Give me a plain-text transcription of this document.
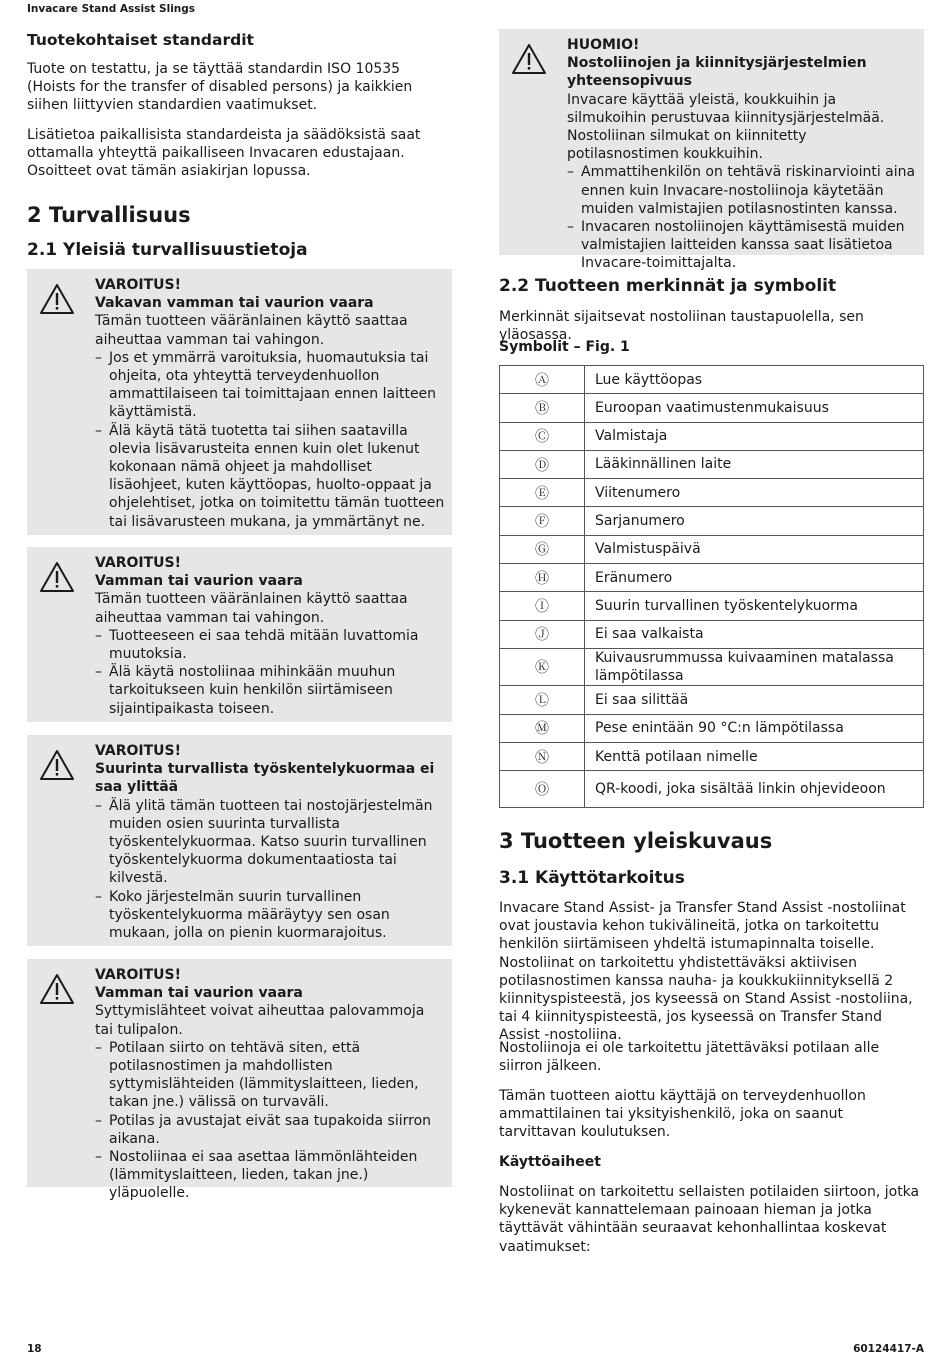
Invacare Stand Assist Slings
Tuotekohtaiset standardit

Tuote on testattu, ja se täyttää standardin ISO 10535 (Hoists for the transfer of disabled persons) ja kaikkien siihen liittyvien standardien vaatimukset.

Lisätietoa paikallisista standardeista ja säädöksistä saat ottamalla yhteyttä paikalliseen Invacaren edustajaan. Osoitteet ovat tämän asiakirjan lopussa.

2 Turvallisuus
2.1 Yleisiä turvallisuustietoja

VAROITUS!

Vakavan vamman tai vaurion vaara

Tämän tuotteen vääränlainen käyttö saattaa aiheuttaa vamman tai vahingon.

– Jos et ymmärrä varoituksia, huomautuksia tai ohjeita, ota yhteyttä terveydenhuollon ammattilaiseen tai toimittajaan ennen laitteen käyttämistä.
– Älä käytä tätä tuotetta tai siihen saatavilla olevia lisävarusteita ennen kuin olet lukenut kokonaan nämä ohjeet ja mahdolliset lisäohjeet, kuten käyttöopas, huolto-oppaat ja ohjelehtiset, jotka on toimitettu tämän tuotteen tai lisävarusteen mukana, ja ymmärtänyt ne.

VAROITUS!

Vamman tai vaurion vaara

Tämän tuotteen vääränlainen käyttö saattaa aiheuttaa vamman tai vahingon.

– Tuotteeseen ei saa tehdä mitään luvattomia muutoksia.
– Älä käytä nostoliinaa mihinkään muuhun tarkoitukseen kuin henkilön siirtämiseen sijaintipaikasta toiseen.

VAROITUS!

Suurinta turvallista työskentelykuormaa ei saa ylittää

– Älä ylitä tämän tuotteen tai nostojärjestelmän muiden osien suurinta turvallista työskentelykuormaa. Katso suurin turvallinen työskentelykuorma dokumentaatiosta tai kilvestä.
– Koko järjestelmän suurin turvallinen työskentelykuorma määräytyy sen osan mukaan, jolla on pienin kuormarajoitus.

VAROITUS!

Vamman tai vaurion vaara

Syttymislähteet voivat aiheuttaa palovammoja tai tulipalon.

– Potilaan siirto on tehtävä siten, että potilasnostimen ja mahdollisten syttymislähteiden (lämmityslaitteen, lieden, takan jne.) välissä on turvaväli.
– Potilas ja avustajat eivät saa tupakoida siirron aikana.
– Nostoliinaa ei saa asettaa lämmönlähteiden (lämmityslaitteen, lieden, takan jne.) yläpuolelle.

HUOMIO!

Nostoliinojen ja kiinnitysjärjestelmien yhteensopivuus

Invacare käyttää yleistä, koukkuihin ja silmukoihin perustuvaa kiinnitysjärjestelmää. Nostoliinan silmukat on kiinnitetty potilasnostimen koukkuihin.

– Ammattihenkilön on tehtävä riskinarviointi aina ennen kuin Invacare-nostoliinoja käytetään muiden valmistajien potilasnostinten kanssa.
– Invacaren nostoliinojen käyttämisestä muiden valmistajien laitteiden kanssa saat lisätietoa Invacare-toimittajalta.
2.2 Tuotteen merkinnät ja symbolit

Merkinnät sijaitsevat nostoliinan taustapuolella, sen yläosassa.

Symbolit – Fig. 1

Ⓐ	Lue käyttöopas
Ⓑ	Euroopan vaatimustenmukaisuus
Ⓒ	Valmistaja
Ⓓ	Lääkinnällinen laite
Ⓔ	Viitenumero
Ⓕ	Sarjanumero
Ⓖ	Valmistuspäivä
Ⓗ	Eränumero
Ⓘ	Suurin turvallinen työskentelykuorma
Ⓙ	Ei saa valkaista
Ⓚ	Kuivausrummussa kuivaaminen matalassa lämpötilassa
Ⓛ	Ei saa silittää
Ⓜ	Pese enintään 90 °C:n lämpötilassa
Ⓝ	Kenttä potilaan nimelle
Ⓞ	QR-koodi, joka sisältää linkin ohjevideoon
3 Tuotteen yleiskuvaus
3.1 Käyttötarkoitus

Invacare Stand Assist- ja Transfer Stand Assist -nostoliinat ovat joustavia kehon tukivälineitä, jotka on tarkoitettu henkilön siirtämiseen yhdeltä istumapinnalta toiselle. Nostoliinat on tarkoitettu yhdistettäväksi aktiivisen potilasnostimen kanssa nauha- ja koukkukiinnityksellä 2 kiinnityspisteestä, jos kyseessä on Stand Assist -nostoliina, tai 4 kiinnityspisteestä, jos kyseessä on Transfer Stand Assist -nostoliina.

Nostoliinoja ei ole tarkoitettu jätettäväksi potilaan alle siirron jälkeen.

Tämän tuotteen aiottu käyttäjä on terveydenhuollon ammattilainen tai yksityishenkilö, joka on saanut tarvittavan koulutuksen.

Käyttöaiheet

Nostoliinat on tarkoitettu sellaisten potilaiden siirtoon, jotka kykenevät kannattelemaan painoaan hieman ja jotka täyttävät vähintään seuraavat kehonhallintaa koskevat vaatimukset:

18	60124417-A
